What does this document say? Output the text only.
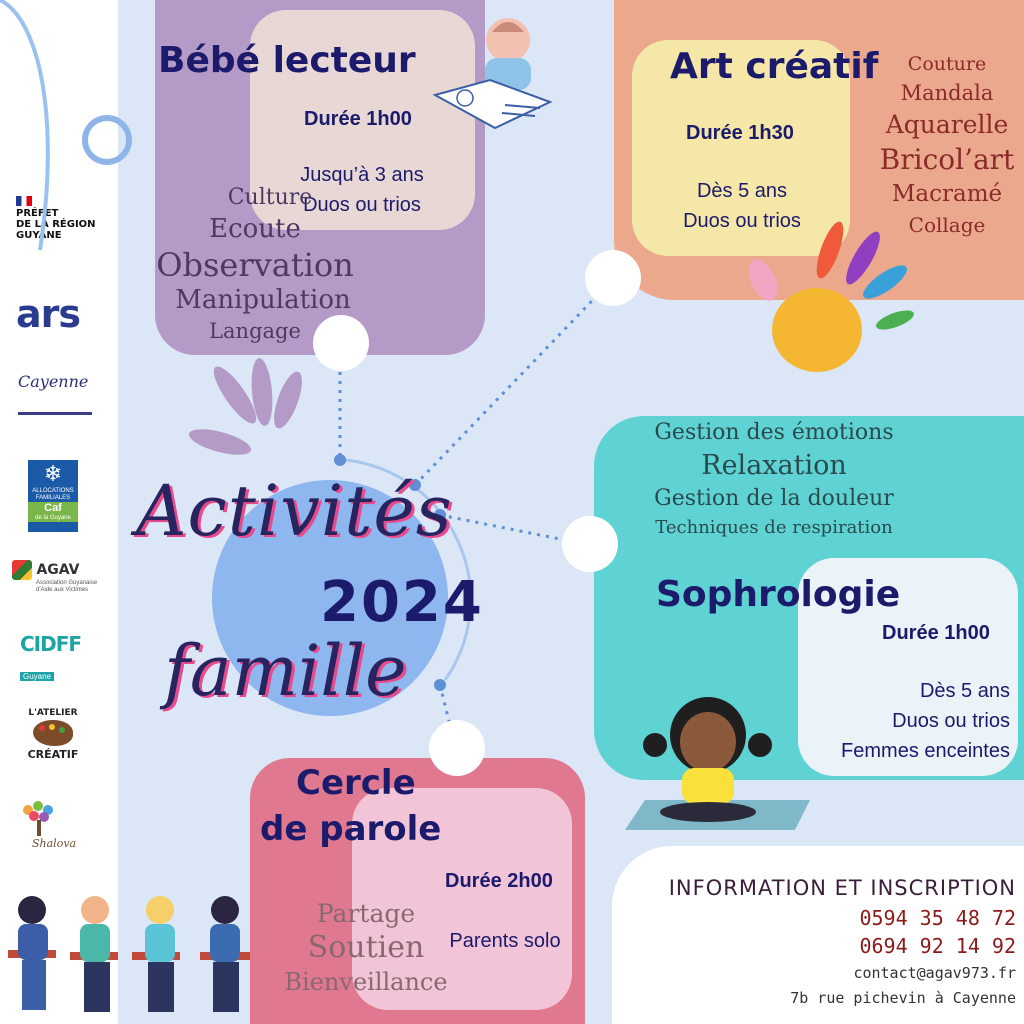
PRÉFET
DE LA RÉGION
GUYANE
ars
Cayenne
❄
ALLOCATIONS
FAMILIALES
Caf
de la Guyane
AGAV
Association Guyanaise d'Aide aux Victimes
CIDFF
Guyane
L'ATELIER
CRÉATIF
Shalova
Bébé lecteur
Durée 1h00
Jusqu’à 3 ans
Duos ou trios
Culture
Ecoute
Observation
Manipulation
Langage
Art créatif
Durée 1h30
Dès 5 ans
Duos ou trios
Couture
Mandala
Aquarelle
Bricol’art
Macramé
Collage
Gestion des émotions
Relaxation
Gestion de la douleur
Techniques de respiration
Sophrologie
Durée 1h00
Dès 5 ans
Duos ou trios
Femmes enceintes
Cercle
de parole
Durée 2h00
Parents solo
Partage
Soutien
Bienveillance
Activités
2024
famille
INFORMATION ET INSCRIPTION
0594 35 48 72
0694 92 14 92
contact@agav973.fr
7b rue pichevin à Cayenne
